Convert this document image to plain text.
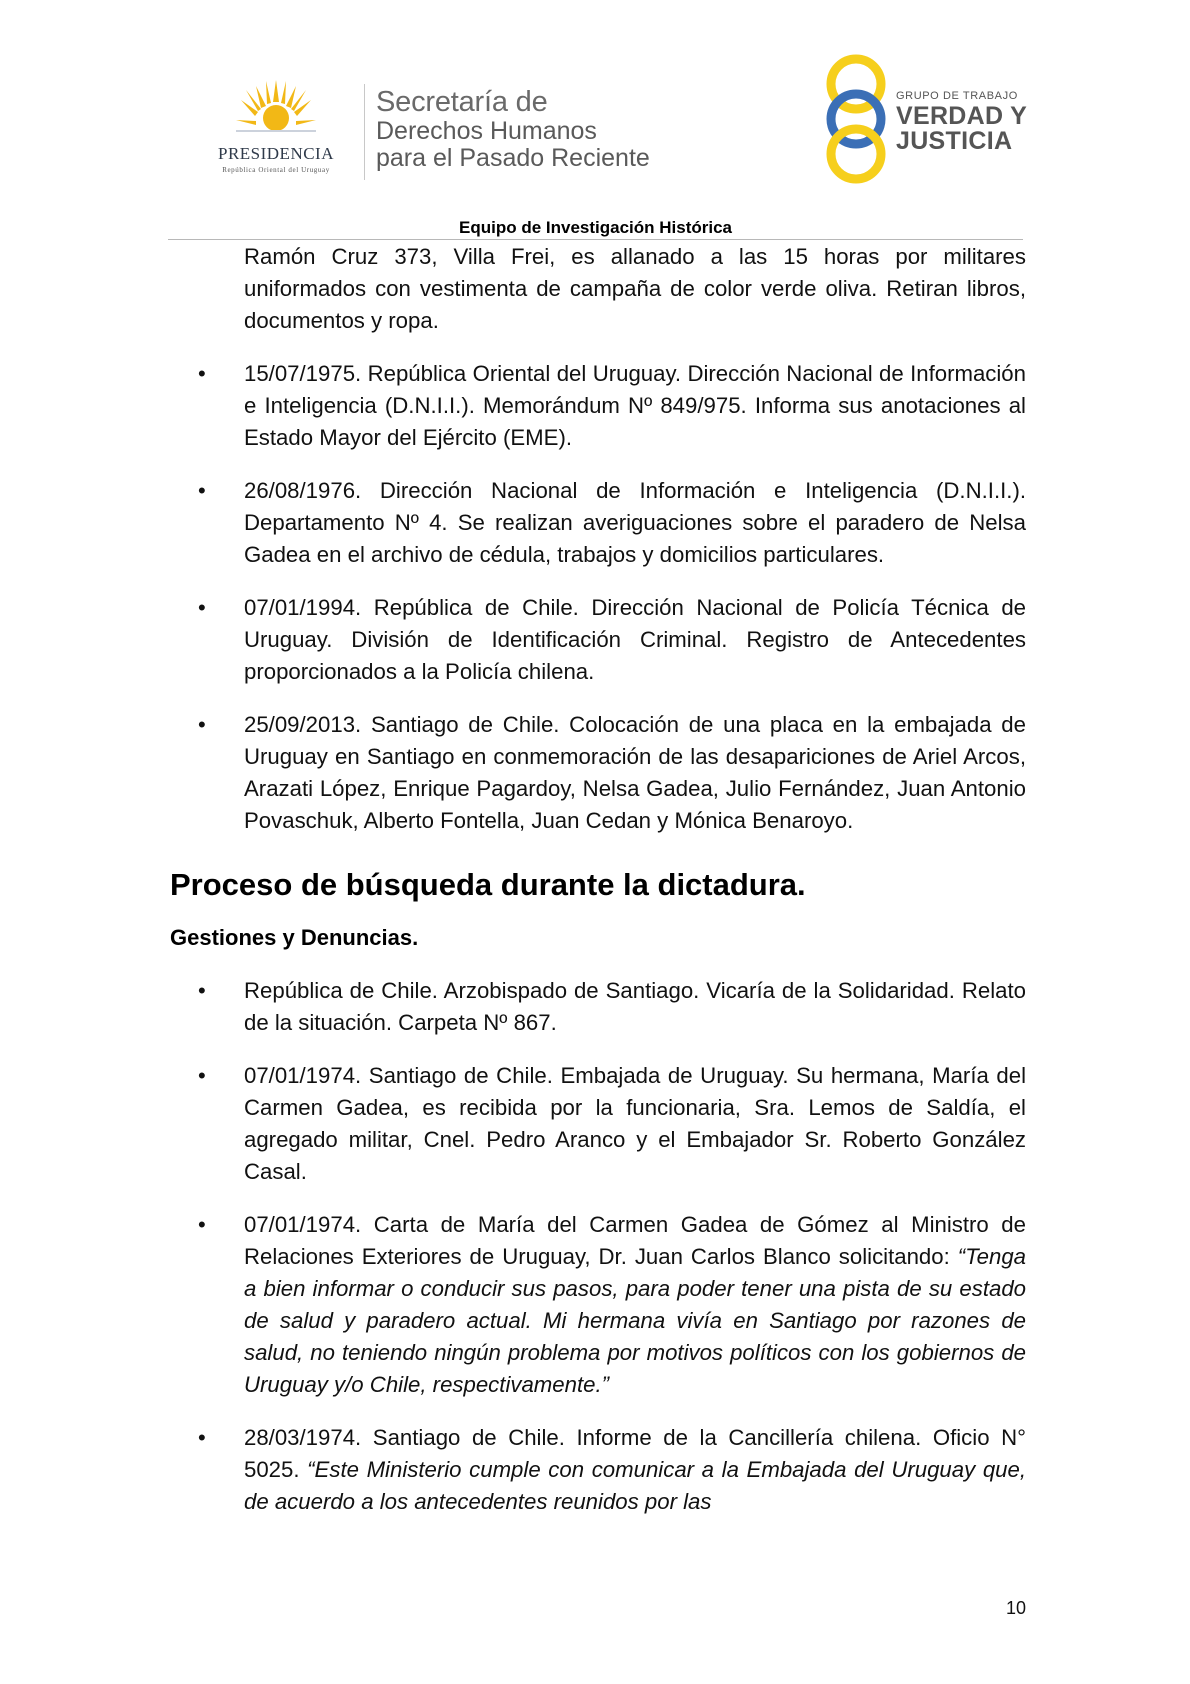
PRESIDENCIA
República Oriental del Uruguay
Secretaría de
Derechos Humanos
para el Pasado Reciente
GRUPO DE TRABAJO
VERDAD Y
JUSTICIA
Equipo de Investigación Histórica

Ramón Cruz 373, Villa Frei, es allanado a las 15 horas por militares uniformados con vestimenta de campaña de color verde oliva. Retiran libros, documentos y ropa.

• 15/07/1975. República Oriental del Uruguay. Dirección Nacional de Información e Inteligencia (D.N.I.I.). Memorándum Nº 849/975. Informa sus anotaciones al Estado Mayor del Ejército (EME).
• 26/08/1976. Dirección Nacional de Información e Inteligencia (D.N.I.I.). Departamento Nº 4. Se realizan averiguaciones sobre el paradero de Nelsa Gadea en el archivo de cédula, trabajos y domicilios particulares.
• 07/01/1994. República de Chile. Dirección Nacional de Policía Técnica de Uruguay. División de Identificación Criminal. Registro de Antecedentes proporcionados a la Policía chilena.
• 25/09/2013. Santiago de Chile. Colocación de una placa en la embajada de Uruguay en Santiago en conmemoración de las desapariciones de Ariel Arcos, Arazati López, Enrique Pagardoy, Nelsa Gadea, Julio Fernández, Juan Antonio Povaschuk, Alberto Fontella, Juan Cedan y Mónica Benaroyo.
Proceso de búsqueda durante la dictadura.
Gestiones y Denuncias.
• República de Chile. Arzobispado de Santiago. Vicaría de la Solidaridad. Relato de la situación. Carpeta Nº 867.
• 07/01/1974. Santiago de Chile. Embajada de Uruguay. Su hermana, María del Carmen Gadea, es recibida por la funcionaria, Sra. Lemos de Saldía, el agregado militar, Cnel. Pedro Aranco y el Embajador Sr. Roberto González Casal.
• 07/01/1974. Carta de María del Carmen Gadea de Gómez al Ministro de Relaciones Exteriores de Uruguay, Dr. Juan Carlos Blanco solicitando: “Tenga a bien informar o conducir sus pasos, para poder tener una pista de su estado de salud y paradero actual. Mi hermana vivía en Santiago por razones de salud, no teniendo ningún problema por motivos políticos con los gobiernos de Uruguay y/o Chile, respectivamente.”
• 28/03/1974. Santiago de Chile. Informe de la Cancillería chilena. Oficio N° 5025. “Este Ministerio cumple con comunicar a la Embajada del Uruguay que, de acuerdo a los antecedentes reunidos por las
10
